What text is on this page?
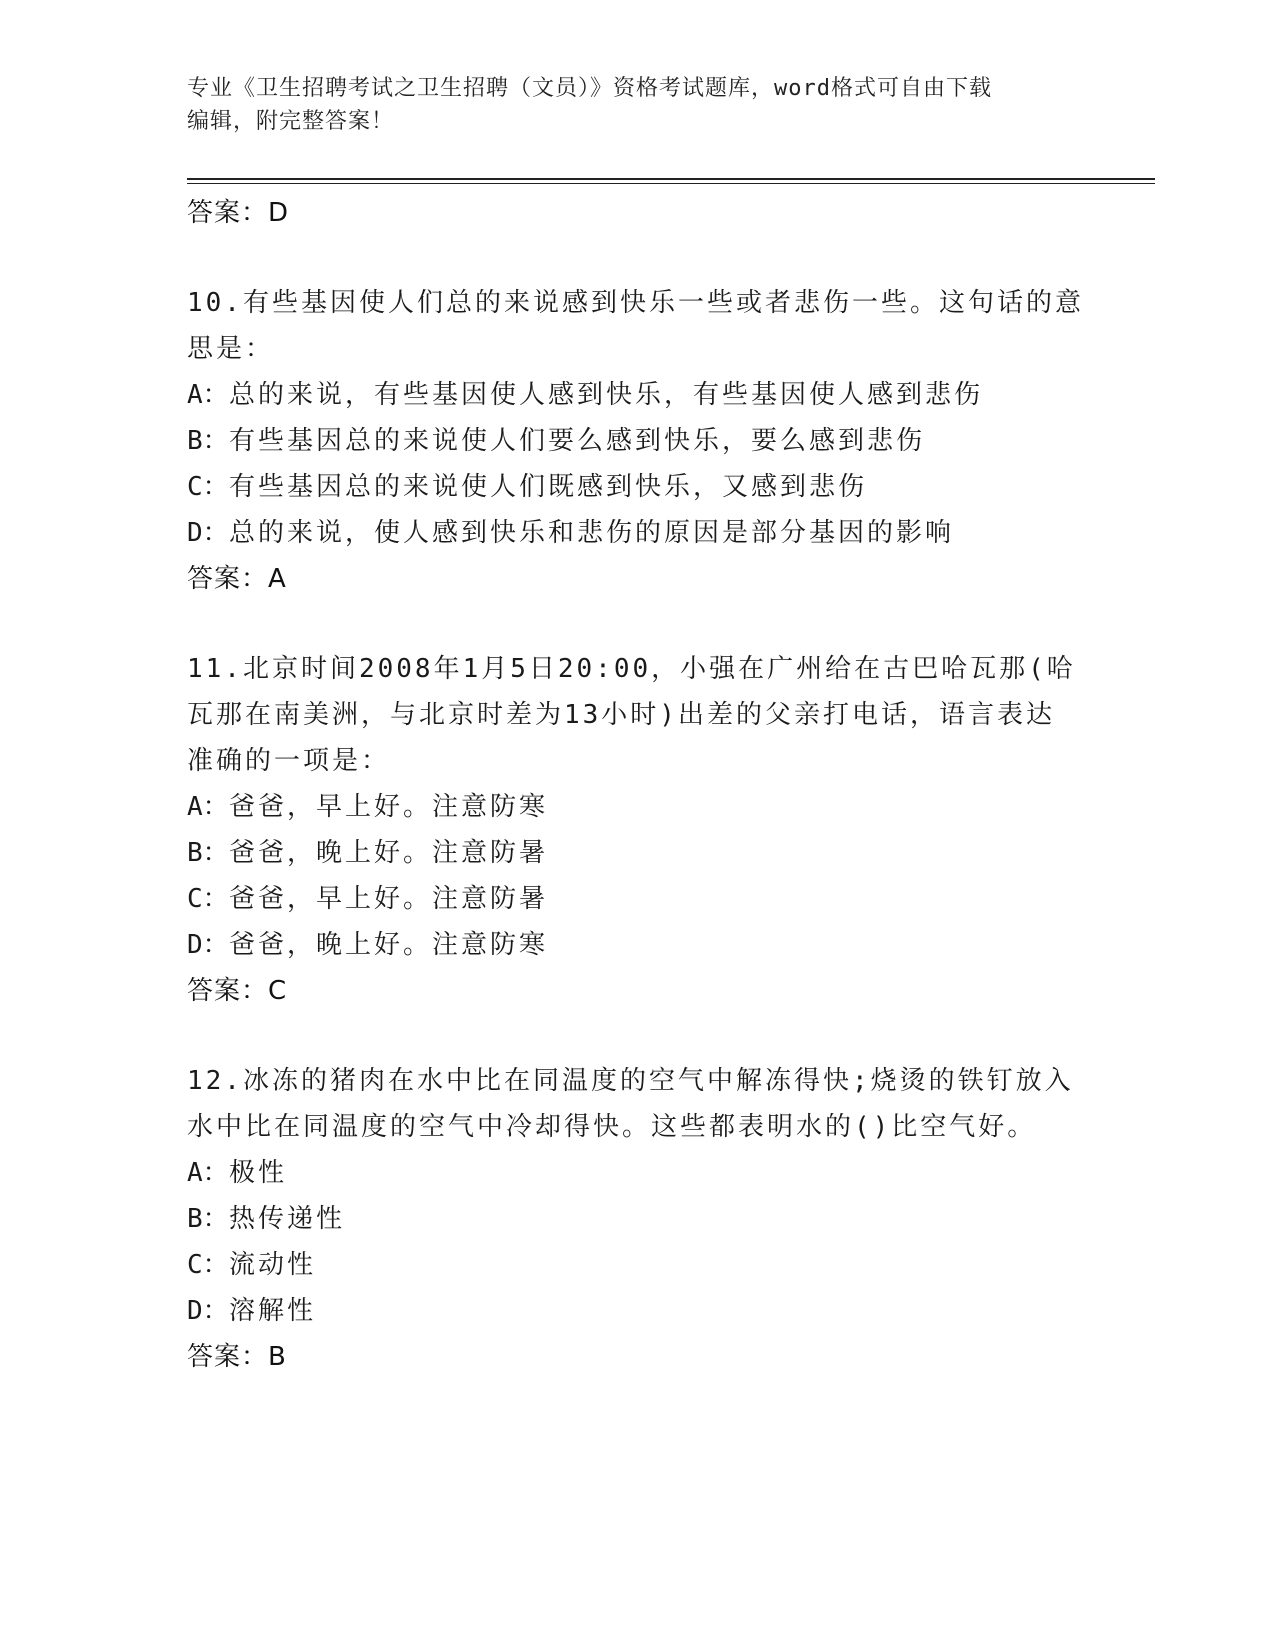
专业《卫生招聘考试之卫生招聘（文员）》资格考试题库，word格式可自由下载
编辑，附完整答案！
答案：D
10.有些基因使人们总的来说感到快乐一些或者悲伤一些。这句话的意
思是：
A：总的来说，有些基因使人感到快乐，有些基因使人感到悲伤
B：有些基因总的来说使人们要么感到快乐，要么感到悲伤
C：有些基因总的来说使人们既感到快乐，又感到悲伤
D：总的来说，使人感到快乐和悲伤的原因是部分基因的影响
答案：A
11.北京时间2008年1月5日20:00，小强在广州给在古巴哈瓦那(哈
瓦那在南美洲，与北京时差为13小时)出差的父亲打电话，语言表达
准确的一项是：
A：爸爸，早上好。注意防寒
B：爸爸，晚上好。注意防暑
C：爸爸，早上好。注意防暑
D：爸爸，晚上好。注意防寒
答案：C
12.冰冻的猪肉在水中比在同温度的空气中解冻得快;烧烫的铁钉放入
水中比在同温度的空气中冷却得快。这些都表明水的()比空气好。
A：极性
B：热传递性
C：流动性
D：溶解性
答案：B
